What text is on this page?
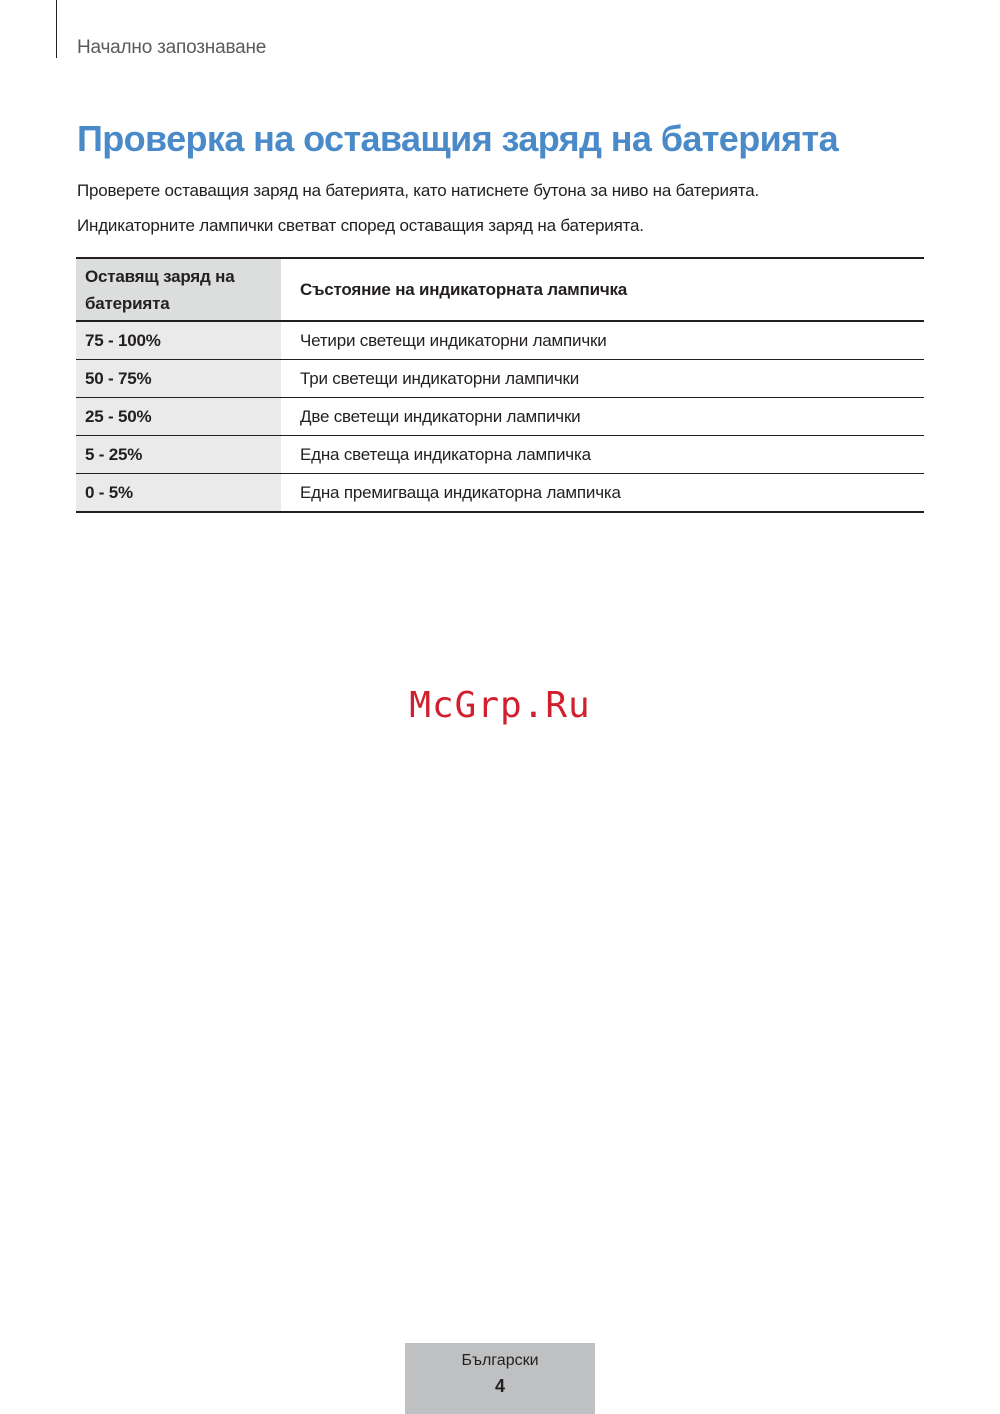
Начално запознаване
Проверка на оставащия заряд на батерията

Проверете оставащия заряд на батерията, като натиснете бутона за ниво на батерията.

Индикаторните лампички светват според оставащия заряд на батерията.

Оставящ заряд на батерията	Състояние на индикаторната лампичка
75 - 100%	Четири светещи индикаторни лампички
50 - 75%	Три светещи индикаторни лампички
25 - 50%	Две светещи индикаторни лампички
5 - 25%	Една светеща индикаторна лампичка
0 - 5%	Една премигваща индикаторна лампичка
McGrp.Ru
Български
4
